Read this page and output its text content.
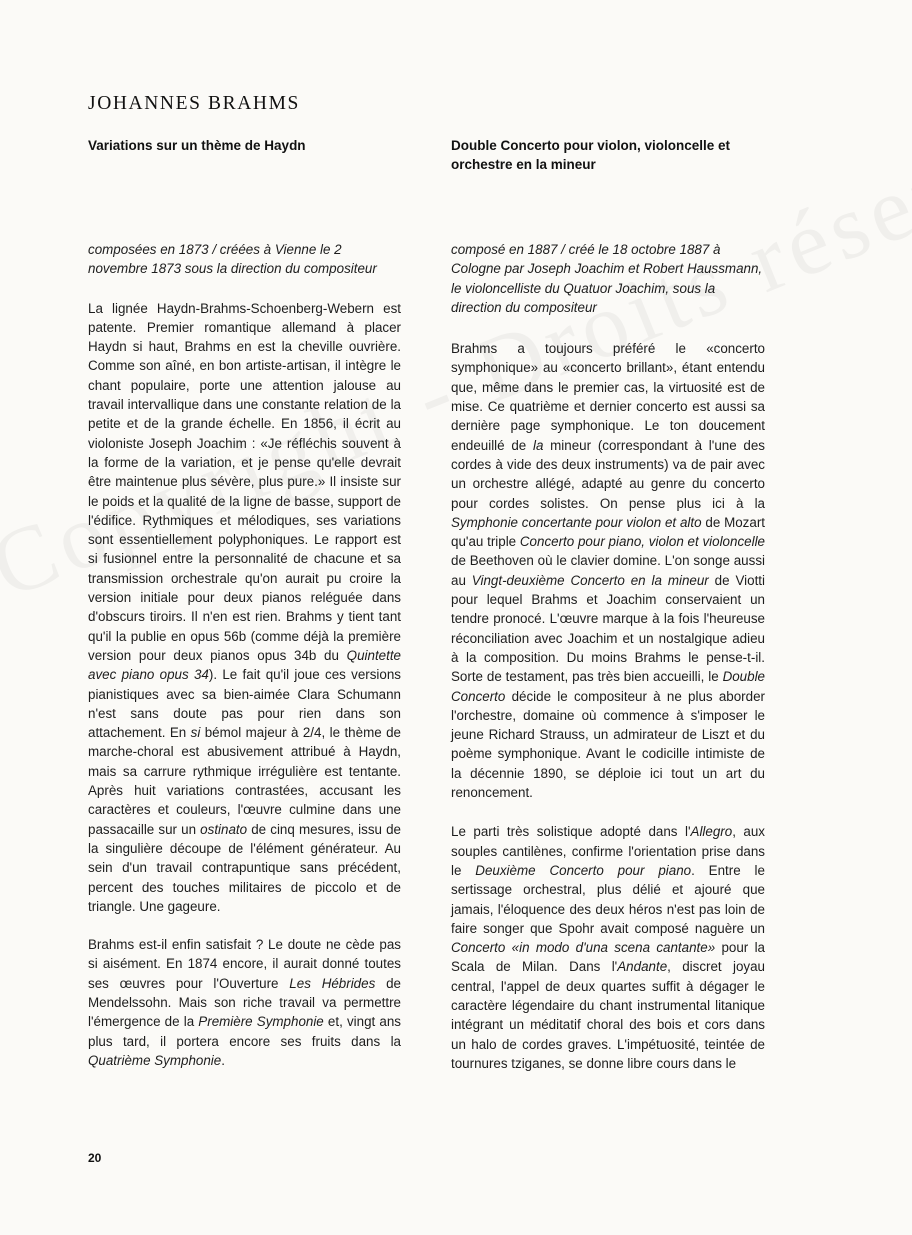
JOHANNES BRAHMS
Variations sur un thème de Haydn

composées en 1873 / créées à Vienne le 2 novembre 1873 sous la direction du compositeur

La lignée Haydn-Brahms-Schoenberg-Webern est patente. Premier romantique allemand à placer Haydn si haut, Brahms en est la cheville ouvrière. Comme son aîné, en bon artiste-artisan, il intègre le chant populaire, porte une attention jalouse au travail intervallique dans une constante relation de la petite et de la grande échelle. En 1856, il écrit au violoniste Joseph Joachim : «Je réfléchis souvent à la forme de la variation, et je pense qu'elle devrait être maintenue plus sévère, plus pure.» Il insiste sur le poids et la qualité de la ligne de basse, support de l'édifice. Rythmiques et mélodiques, ses variations sont essentiellement polyphoniques. Le rapport est si fusionnel entre la personnalité de chacune et sa transmission orchestrale qu'on aurait pu croire la version initiale pour deux pianos reléguée dans d'obscurs tiroirs. Il n'en est rien. Brahms y tient tant qu'il la publie en opus 56b (comme déjà la première version pour deux pianos opus 34b du Quintette avec piano opus 34). Le fait qu'il joue ces versions pianistiques avec sa bien-aimée Clara Schumann n'est sans doute pas pour rien dans son attachement. En si bémol majeur à 2/4, le thème de marche-choral est abusivement attribué à Haydn, mais sa carrure rythmique irrégulière est tentante. Après huit variations contrastées, accusant les caractères et couleurs, l'œuvre culmine dans une passacaille sur un ostinato de cinq mesures, issu de la singulière découpe de l'élément générateur. Au sein d'un travail contrapuntique sans précédent, percent des touches militaires de piccolo et de triangle. Une gageure.

Brahms est-il enfin satisfait ? Le doute ne cède pas si aisément. En 1874 encore, il aurait donné toutes ses œuvres pour l'Ouverture Les Hébrides de Mendelssohn. Mais son riche travail va permettre l'émergence de la Première Symphonie et, vingt ans plus tard, il portera encore ses fruits dans la Quatrième Symphonie.

Double Concerto pour violon, violoncelle et orchestre en la mineur

composé en 1887 / créé le 18 octobre 1887 à Cologne par Joseph Joachim et Robert Haussmann, le violoncelliste du Quatuor Joachim, sous la direction du compositeur

Brahms a toujours préféré le «concerto symphonique» au «concerto brillant», étant entendu que, même dans le premier cas, la virtuosité est de mise. Ce quatrième et dernier concerto est aussi sa dernière page symphonique. Le ton doucement endeuillé de la mineur (correspondant à l'une des cordes à vide des deux instruments) va de pair avec un orchestre allégé, adapté au genre du concerto pour cordes solistes. On pense plus ici à la Symphonie concertante pour violon et alto de Mozart qu'au triple Concerto pour piano, violon et violoncelle de Beethoven où le clavier domine. L'on songe aussi au Vingt-deuxième Concerto en la mineur de Viotti pour lequel Brahms et Joachim conservaient un tendre pronocé. L'œuvre marque à la fois l'heureuse réconciliation avec Joachim et un nostalgique adieu à la composition. Du moins Brahms le pense-t-il. Sorte de testament, pas très bien accueilli, le Double Concerto décide le compositeur à ne plus aborder l'orchestre, domaine où commence à s'imposer le jeune Richard Strauss, un admirateur de Liszt et du poème symphonique. Avant le codicille intimiste de la décennie 1890, se déploie ici tout un art du renoncement.

Le parti très solistique adopté dans l'Allegro, aux souples cantilènes, confirme l'orientation prise dans le Deuxième Concerto pour piano. Entre le sertissage orchestral, plus délié et ajouré que jamais, l'éloquence des deux héros n'est pas loin de faire songer que Spohr avait composé naguère un Concerto «in modo d'una scena cantante» pour la Scala de Milan. Dans l'Andante, discret joyau central, l'appel de deux quartes suffit à dégager le caractère légendaire du chant instrumental litanique intégrant un méditatif choral des bois et cors dans un halo de cordes graves. L'impétuosité, teintée de tournures tziganes, se donne libre cours dans le

20
